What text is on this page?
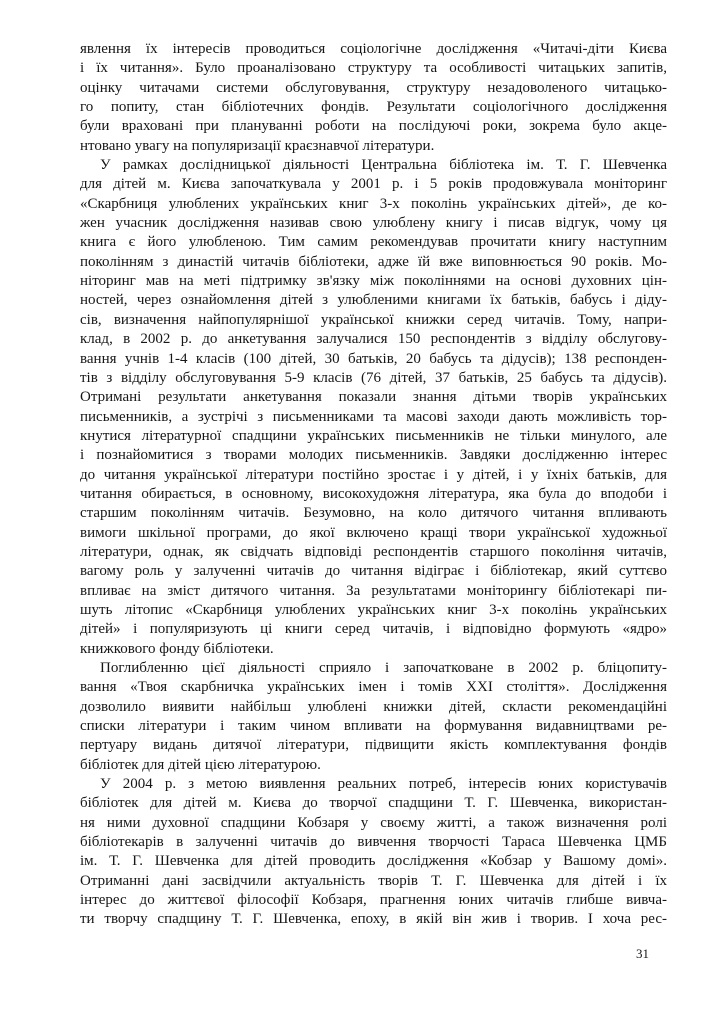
явлення їх інтересів проводиться соціологічне дослідження «Читачі-діти Києва
і їх читання». Було проаналізовано структуру та особливості читацьких запитів,
оцінку читачами системи обслуговування, структуру незадоволеного читацько-
го попиту, стан бібліотечних фондів. Результати соціологічного дослідження
були враховані при плануванні роботи на послідуючі роки, зокрема було акце-
нтовано увагу на популяризації краєзнавчої літератури.

У рамках дослідницької діяльності Центральна бібліотека ім. Т. Г. Шевченка
для дітей м. Києва започаткувала у 2001 р. і 5 років продовжувала моніторинг
«Скарбниця улюблених українських книг 3-х поколінь українських дітей», де ко-
жен учасник дослідження називав свою улюблену книгу і писав відгук, чому ця
книга є його улюбленою. Тим самим рекомендував прочитати книгу наступним
поколінням з династій читачів бібліотеки, адже їй вже виповнюється 90 років. Мо-
ніторинг мав на меті підтримку зв'язку між поколіннями на основі духовних цін-
ностей, через ознайомлення дітей з улюбленими книгами їх батьків, бабусь і діду-
сів, визначення найпопулярнішої української книжки серед читачів. Тому, напри-
клад, в 2002 р. до анкетування залучалися 150 респондентів з відділу обслугову-
вання учнів 1-4 класів (100 дітей, 30 батьків, 20 бабусь та дідусів); 138 респонден-
тів з відділу обслуговування 5-9 класів (76 дітей, 37 батьків, 25 бабусь та дідусів).
Отримані результати анкетування показали знання дітьми творів українських
письменників, а зустрічі з письменниками та масові заходи дають можливість тор-
кнутися літературної спадщини українських письменників не тільки минулого, але
і познайомитися з творами молодих письменників. Завдяки дослідженню інтерес
до читання української літератури постійно зростає і у дітей, і у їхніх батьків, для
читання обирається, в основному, високохудожня література, яка була до вподоби і
старшим поколінням читачів. Безумовно, на коло дитячого читання впливають
вимоги шкільної програми, до якої включено кращі твори української художньої
літератури, однак, як свідчать відповіді респондентів старшого покоління читачів,
вагому роль у залученні читачів до читання відіграє і бібліотекар, який суттєво
впливає на зміст дитячого читання. За результатами моніторингу бібліотекарі пи-
шуть літопис «Скарбниця улюблених українських книг 3-х поколінь українських
дітей» і популяризують ці книги серед читачів, і відповідно формують «ядро»
книжкового фонду бібліотеки.

Поглибленню цієї діяльності сприяло і започатковане в 2002 р. бліцопиту-
вання «Твоя скарбничка українських імен і томів XXI століття». Дослідження
дозволило виявити найбільш улюблені книжки дітей, скласти рекомендаційні
списки літератури і таким чином впливати на формування видавництвами ре-
пертуару видань дитячої літератури, підвищити якість комплектування фондів
бібліотек для дітей цією літературою.

У 2004 р. з метою виявлення реальних потреб, інтересів юних користувачів
бібліотек для дітей м. Києва до творчої спадщини Т. Г. Шевченка, використан-
ня ними духовної спадщини Кобзаря у своєму житті, а також визначення ролі
бібліотекарів в залученні читачів до вивчення творчості Тараса Шевченка ЦМБ
ім. Т. Г. Шевченка для дітей проводить дослідження «Кобзар у Вашому домі».
Отриманні дані засвідчили актуальність творів Т. Г. Шевченка для дітей і їх
інтерес до життєвої філософії Кобзаря, прагнення юних читачів глибше вивча-
ти творчу спадщину Т. Г. Шевченка, епоху, в якій він жив і творив. І хоча рес-

31
